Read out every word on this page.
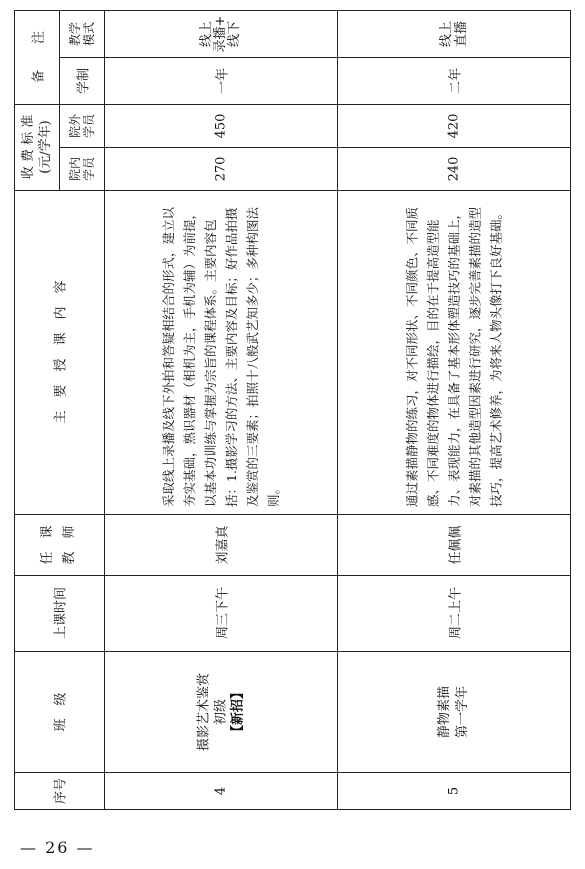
备　　注 教学 模式
学制
收 费 标 准 (元/学年) 院外 学员
院内 学员
主　要　授　课　内　容
任　课 教　师
上课时间
班　级
序号
线上 录播+ 线下
一年
450
270
采取线上录播及线下外拍和答疑相结合的形式，建立以夯实基础，熟识器材（相机为主，手机为辅）为前提，以基本功训练与掌握为宗旨的课程体系。主要内容包括：1.摄影学习的方法、主要内容及目标；好作品拍摄及鉴赏的三要素；拍照十八般武艺知多少；多种构图法则。
刘嘉真
周三下午
摄影艺术鉴赏 初级 【新招】
4
线上 直播
二年
420
240
通过素描静物的练习，对不同形状、不同颜色、不同质感、不同难度的物体进行描绘，目的在于提高造型能力、表现能力，在具备了基本形体塑造技巧的基础上，对素描的其他造型因素进行研究，逐步完善素描的造型技巧，提高艺术修养，为将来人物头像打下良好基础。
任佩佩
周二上午
静物素描 第一学年
5
— 26 —
